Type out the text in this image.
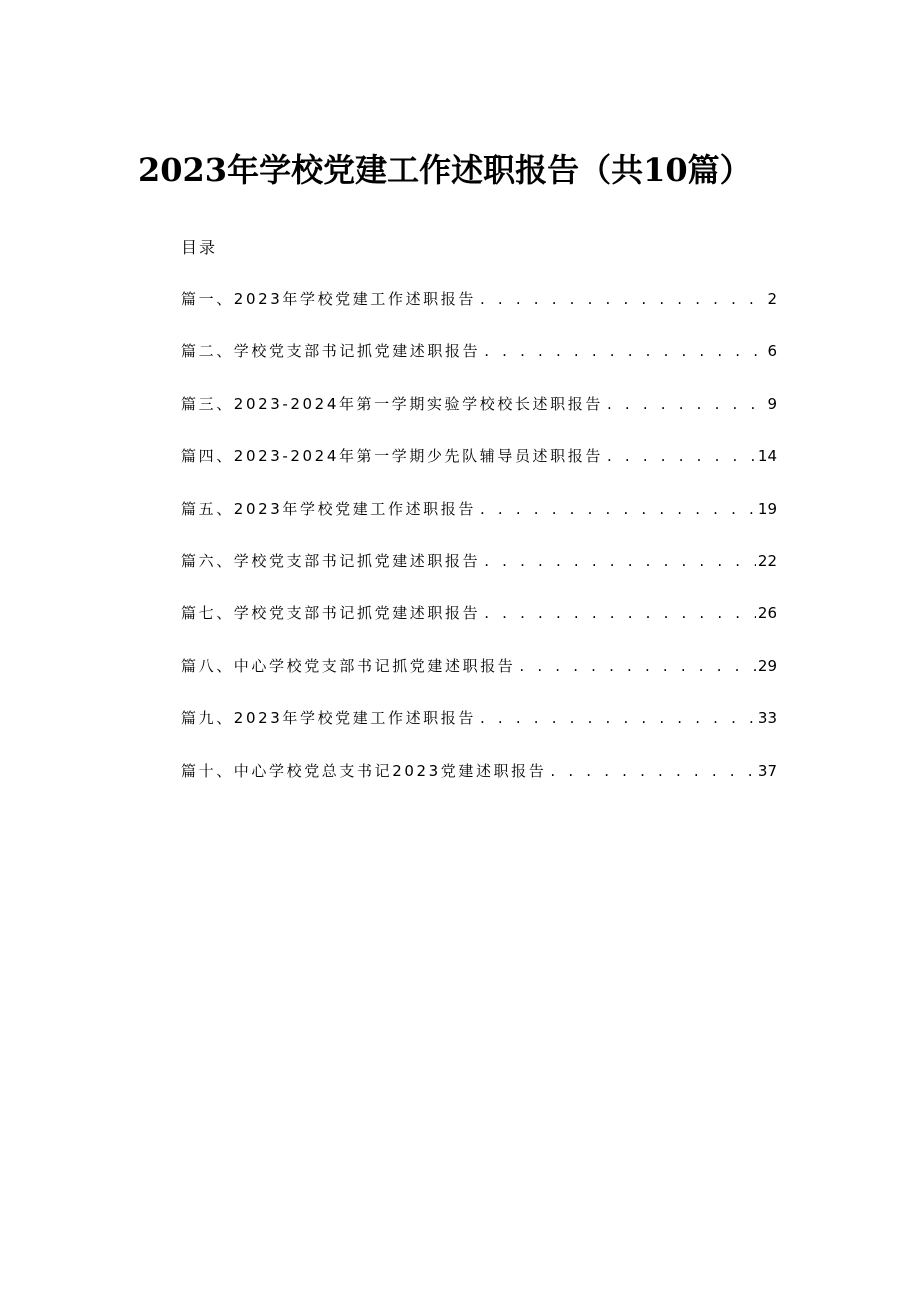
2023年学校党建工作述职报告（共10篇）
目录
篇一、2023年学校党建工作述职报告 . . .	2
篇二、学校党支部书记抓党建述职报告 . . .	6
篇三、2023-2024年第一学期实验学校校长述职报告 . . .	9
篇四、2023-2024年第一学期少先队辅导员述职报告 . . .	14
篇五、2023年学校党建工作述职报告 . . .	19
篇六、学校党支部书记抓党建述职报告 . . .	22
篇七、学校党支部书记抓党建述职报告 . . .	26
篇八、中心学校党支部书记抓党建述职报告 . . .	29
篇九、2023年学校党建工作述职报告 . . .	33
篇十、中心学校党总支书记2023党建述职报告 . . .	37
